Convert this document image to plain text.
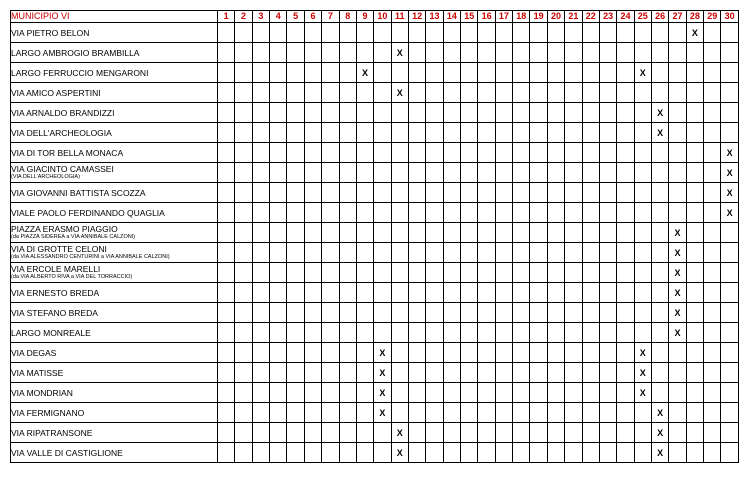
MUNICIPIO VI	1	2	3	4	5	6	7	8	9	10	11	12	13	14	15	16	17	18	19	20	21	22	23	24	25	26	27	28	29	30
VIA PIETRO BELON																												X		
LARGO AMBROGIO BRAMBILLA											X																			
LARGO FERRUCCIO MENGARONI									X																X					
VIA AMICO ASPERTINI											X																			
VIA ARNALDO BRANDIZZI																										X				
VIA DELL'ARCHEOLOGIA																										X				
VIA DI TOR BELLA MONACA																														X
VIA GIACINTO CAMASSEI
(VIA DELL'ARCHEOLOGIA)																														X
VIA GIOVANNI BATTISTA SCOZZA																														X
VIALE PAOLO FERDINANDO QUAGLIA																														X
PIAZZA ERASMO PIAGGIO
(da PIAZZA SIDEREA a VIA ANNIBALE CALZONI)																											X			
VIA DI GROTTE CELONI
(da VIA ALESSANDRO CENTURINI a VIA ANNIBALE CALZONI)																											X			
VIA ERCOLE MARELLI
(da VIA ALBERTO RIVA a VIA DEL TORRACCIO)																											X			
VIA ERNESTO BREDA																											X			
VIA STEFANO BREDA																											X			
LARGO MONREALE																											X			
VIA DEGAS										X															X					
VIA MATISSE										X															X					
VIA MONDRIAN										X															X					
VIA FERMIGNANO										X																X				
VIA RIPATRANSONE											X															X				
VIA VALLE DI CASTIGLIONE											X															X				
